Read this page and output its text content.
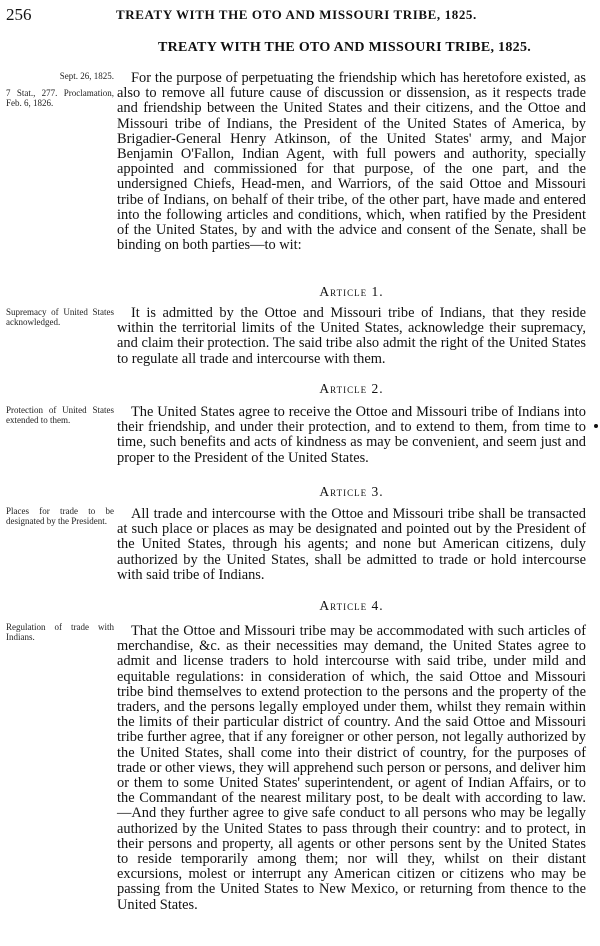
256	TREATY WITH THE OTO AND MISSOURI TRIBE, 1825.
TREATY WITH THE OTO AND MISSOURI TRIBE, 1825.
Sept. 26, 1825.
7 Stat., 277. Proclamation, Feb. 6, 1826.
Supremacy of United States acknowledged.
Protection of United States extended to them.
Places for trade to be designated by the President.
Regulation of trade with Indians.
For the purpose of perpetuating the friendship which has heretofore existed, as also to remove all future cause of discussion or dissension, as it respects trade and friendship between the United States and their citizens, and the Ottoe and Missouri tribe of Indians, the President of the United States of America, by Brigadier-General Henry Atkinson, of the United States' army, and Major Benjamin O'Fallon, Indian Agent, with full powers and authority, specially appointed and commissioned for that purpose, of the one part, and the undersigned Chiefs, Head-men, and Warriors, of the said Ottoe and Missouri tribe of Indians, on behalf of their tribe, of the other part, have made and entered into the following articles and conditions, which, when ratified by the President of the United States, by and with the advice and consent of the Senate, shall be binding on both parties—to wit:
Article 1.
It is admitted by the Ottoe and Missouri tribe of Indians, that they reside within the territorial limits of the United States, acknowledge their supremacy, and claim their protection. The said tribe also admit the right of the United States to regulate all trade and intercourse with them.
Article 2.
The United States agree to receive the Ottoe and Missouri tribe of Indians into their friendship, and under their protection, and to extend to them, from time to time, such benefits and acts of kindness as may be convenient, and seem just and proper to the President of the United States.
Article 3.
All trade and intercourse with the Ottoe and Missouri tribe shall be transacted at such place or places as may be designated and pointed out by the President of the United States, through his agents; and none but American citizens, duly authorized by the United States, shall be admitted to trade or hold intercourse with said tribe of Indians.
Article 4.
That the Ottoe and Missouri tribe may be accommodated with such articles of merchandise, &c. as their necessities may demand, the United States agree to admit and license traders to hold intercourse with said tribe, under mild and equitable regulations: in consideration of which, the said Ottoe and Missouri tribe bind themselves to extend protection to the persons and the property of the traders, and the persons legally employed under them, whilst they remain within the limits of their particular district of country. And the said Ottoe and Missouri tribe further agree, that if any foreigner or other person, not legally authorized by the United States, shall come into their district of country, for the purposes of trade or other views, they will apprehend such person or persons, and deliver him or them to some United States' superintendent, or agent of Indian Affairs, or to the Commandant of the nearest military post, to be dealt with according to law.—And they further agree to give safe conduct to all persons who may be legally authorized by the United States to pass through their country: and to protect, in their persons and property, all agents or other persons sent by the United States to reside temporarily among them; nor will they, whilst on their distant excursions, molest or interrupt any American citizen or citizens who may be passing from the United States to New Mexico, or returning from thence to the United States.
